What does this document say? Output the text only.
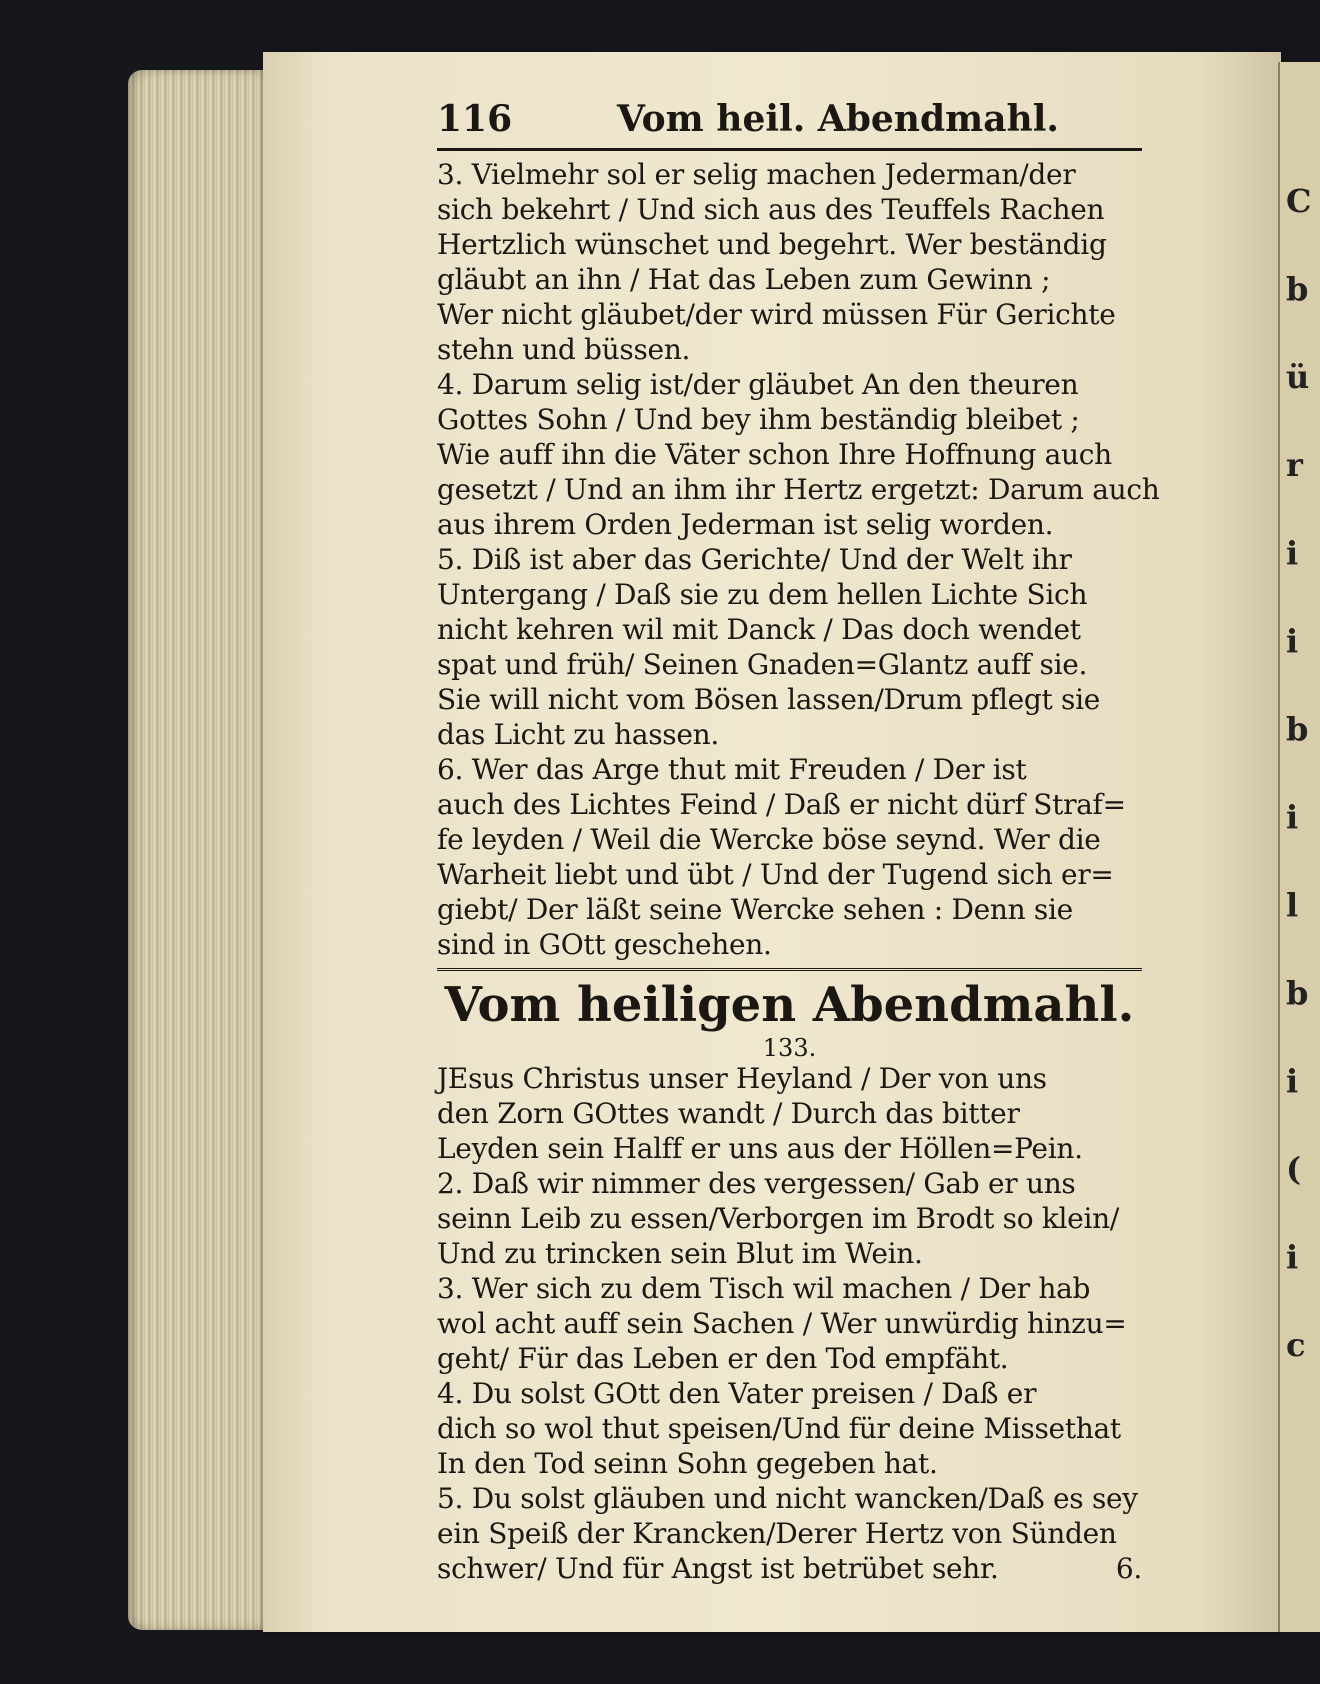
C
b
ü
r
i
i
b
i
l
b
i
(
i
c
116	Vom heil. Abendmahl.
3. Vielmehr sol er selig machen Jederman/der
sich bekehrt / Und sich aus des Teuffels Rachen
Hertzlich wünschet und begehrt. Wer beständig
gläubt an ihn / Hat das Leben zum Gewinn ;
Wer nicht gläubet/der wird müssen Für Gerichte
stehn und büssen.
4. Darum selig ist/der gläubet An den theuren
Gottes Sohn / Und bey ihm beständig bleibet ;
Wie auff ihn die Väter schon Ihre Hoffnung auch
gesetzt / Und an ihm ihr Hertz ergetzt: Darum auch
aus ihrem Orden Jederman ist selig worden.
5. Diß ist aber das Gerichte/ Und der Welt ihr
Untergang / Daß sie zu dem hellen Lichte Sich
nicht kehren wil mit Danck / Das doch wendet
spat und früh/ Seinen Gnaden=Glantz auff sie.
Sie will nicht vom Bösen lassen/Drum pflegt sie
das Licht zu hassen.
6. Wer das Arge thut mit Freuden / Der ist
auch des Lichtes Feind / Daß er nicht dürf Straf=
fe leyden / Weil die Wercke böse seynd. Wer die
Warheit liebt und übt / Und der Tugend sich er=
giebt/ Der läßt seine Wercke sehen : Denn sie
sind in GOtt geschehen.
Vom heiligen Abendmahl.
133.
JEsus Christus unser Heyland / Der von uns
den Zorn GOttes wandt / Durch das bitter
Leyden sein Halff er uns aus der Höllen=Pein.
2. Daß wir nimmer des vergessen/ Gab er uns
seinn Leib zu essen/Verborgen im Brodt so klein/
Und zu trincken sein Blut im Wein.
3. Wer sich zu dem Tisch wil machen / Der hab
wol acht auff sein Sachen / Wer unwürdig hinzu=
geht/ Für das Leben er den Tod empfäht.
4. Du solst GOtt den Vater preisen / Daß er
dich so wol thut speisen/Und für deine Missethat
In den Tod seinn Sohn gegeben hat.
5. Du solst gläuben und nicht wancken/Daß es sey
ein Speiß der Krancken/Derer Hertz von Sünden
schwer/ Und für Angst ist betrübet sehr.	6.
